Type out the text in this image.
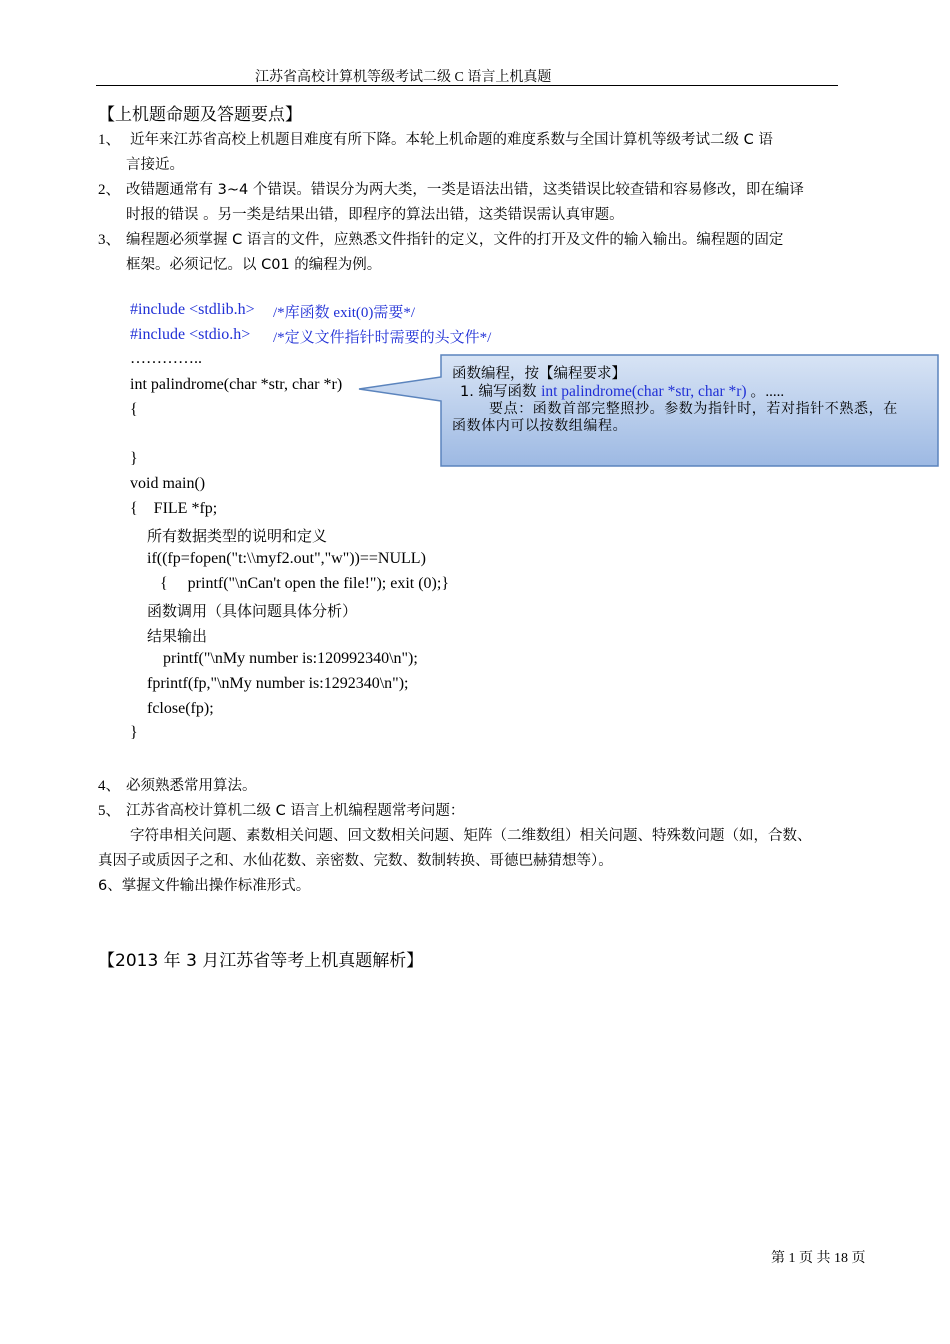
江苏省高校计算机等级考试二级 C 语言上机真题
【上机题命题及答题要点】
1、 近年来江苏省高校上机题目难度有所下降。本轮上机命题的难度系数与全国计算机等级考试二级 C 语
言接近。
2、 改错题通常有 3~4 个错误。错误分为两大类，一类是语法出错，这类错误比较查错和容易修改，即在编译
时报的错误 。另一类是结果出错，即程序的算法出错，这类错误需认真审题。
3、 编程题必须掌握 C 语言的文件，应熟悉文件指针的定义，文件的打开及文件的输入输出。编程题的固定
框架。必须记忆。以 C01 的编程为例。
#include <stdlib.h> /*库函数 exit(0)需要*/
#include <stdio.h> /*定义文件指针时需要的头文件*/
…………..
int palindrome(char *str, char *r)
{
}
void main()
{    FILE *fp;
所有数据类型的说明和定义
if((fp=fopen("t:\\myf2.out","w"))==NULL)
{     printf("\nCan't open the file!"); exit (0);}
函数调用（具体问题具体分析）
结果输出
printf("\nMy number is:120992340\n");
fprintf(fp,"\nMy number is:1292340\n");
fclose(fp);
}
函数编程，按【编程要求】
1. 编写函数 int palindrome(char *str, char *r) 。.....
要点：函数首部完整照抄。参数为指针时，若对指针不熟悉，在
函数体内可以按数组编程。
4、 必须熟悉常用算法。
5、 江苏省高校计算机二级 C 语言上机编程题常考问题：
字符串相关问题、素数相关问题、回文数相关问题、矩阵（二维数组）相关问题、特殊数问题（如，合数、
真因子或质因子之和、水仙花数、亲密数、完数、数制转换、哥德巴赫猜想等）。
6、掌握文件输出操作标准形式。
【2013 年 3 月江苏省等考上机真题解析】
第 1 页 共 18 页
